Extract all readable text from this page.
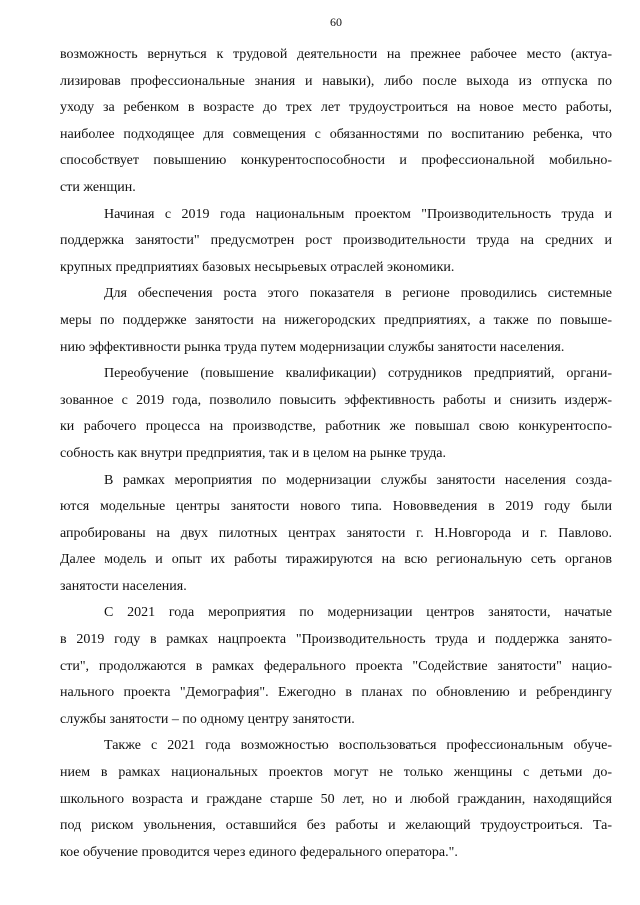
60
возможность вернуться к трудовой деятельности на прежнее рабочее место (актуа-
лизировав профессиональные знания и навыки), либо после выхода из отпуска по
уходу за ребенком в возрасте до трех лет трудоустроиться на новое место работы,
наиболее подходящее для совмещения с обязанностями по воспитанию ребенка, что
способствует повышению конкурентоспособности и профессиональной мобильно-
сти женщин.
Начиная с 2019 года национальным проектом "Производительность труда и
поддержка занятости" предусмотрен рост производительности труда на средних и
крупных предприятиях базовых несырьевых отраслей экономики.
Для обеспечения роста этого показателя в регионе проводились системные
меры по поддержке занятости на нижегородских предприятиях, а также по повыше-
нию эффективности рынка труда путем модернизации службы занятости населения.
Переобучение (повышение квалификации) сотрудников предприятий, органи-
зованное с 2019 года, позволило повысить эффективность работы и снизить издерж-
ки рабочего процесса на производстве, работник же повышал свою конкурентоспо-
собность как внутри предприятия, так и в целом на рынке труда.
В рамках мероприятия по модернизации службы занятости населения созда-
ются модельные центры занятости нового типа. Нововведения в 2019 году были
апробированы на двух пилотных центрах занятости г. Н.Новгорода и г. Павлово.
Далее модель и опыт их работы тиражируются на всю региональную сеть органов
занятости населения.
С 2021 года мероприятия по модернизации центров занятости, начатые
в 2019 году в рамках нацпроекта "Производительность труда и поддержка занято-
сти", продолжаются в рамках федерального проекта "Содействие занятости" нацио-
нального проекта "Демография". Ежегодно в планах по обновлению и ребрендингу
службы занятости – по одному центру занятости.
Также с 2021 года возможностью воспользоваться профессиональным обуче-
нием в рамках национальных проектов могут не только женщины с детьми до-
школьного возраста и граждане старше 50 лет, но и любой гражданин, находящийся
под риском увольнения, оставшийся без работы и желающий трудоустроиться. Та-
кое обучение проводится через единого федерального оператора.".
